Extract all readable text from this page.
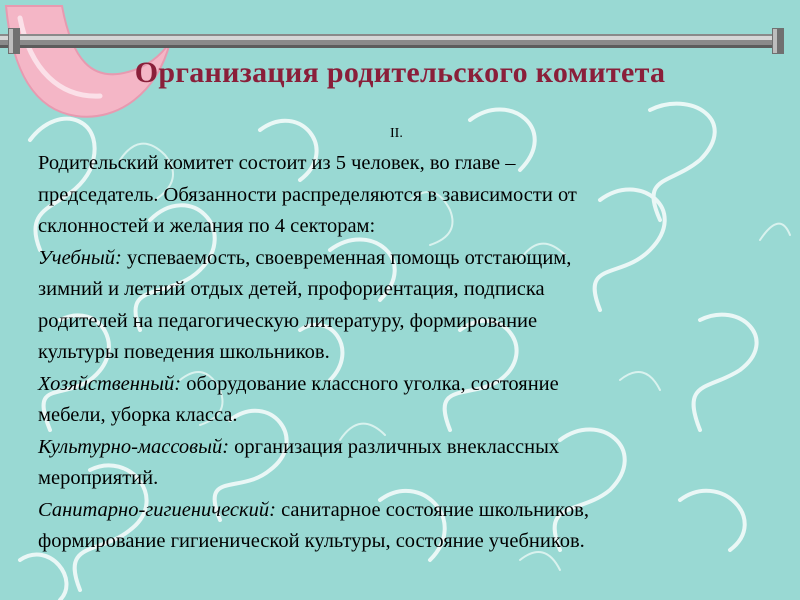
Организация родительского комитета
II.
Родительский комитет состоит из 5 человек, во главе –
председатель. Обязанности распределяются в зависимости от
склонностей и желания по 4 секторам:
Учебный: успеваемость, своевременная помощь отстающим,
зимний и летний отдых детей, профориентация, подписка
родителей на педагогическую литературу, формирование
культуры поведения школьников.
Хозяйственный: оборудование классного уголка, состояние
мебели, уборка класса.
Культурно-массовый: организация различных внеклассных
мероприятий.
Санитарно-гигиенический: санитарное состояние школьников,
формирование гигиенической культуры, состояние учебников.
